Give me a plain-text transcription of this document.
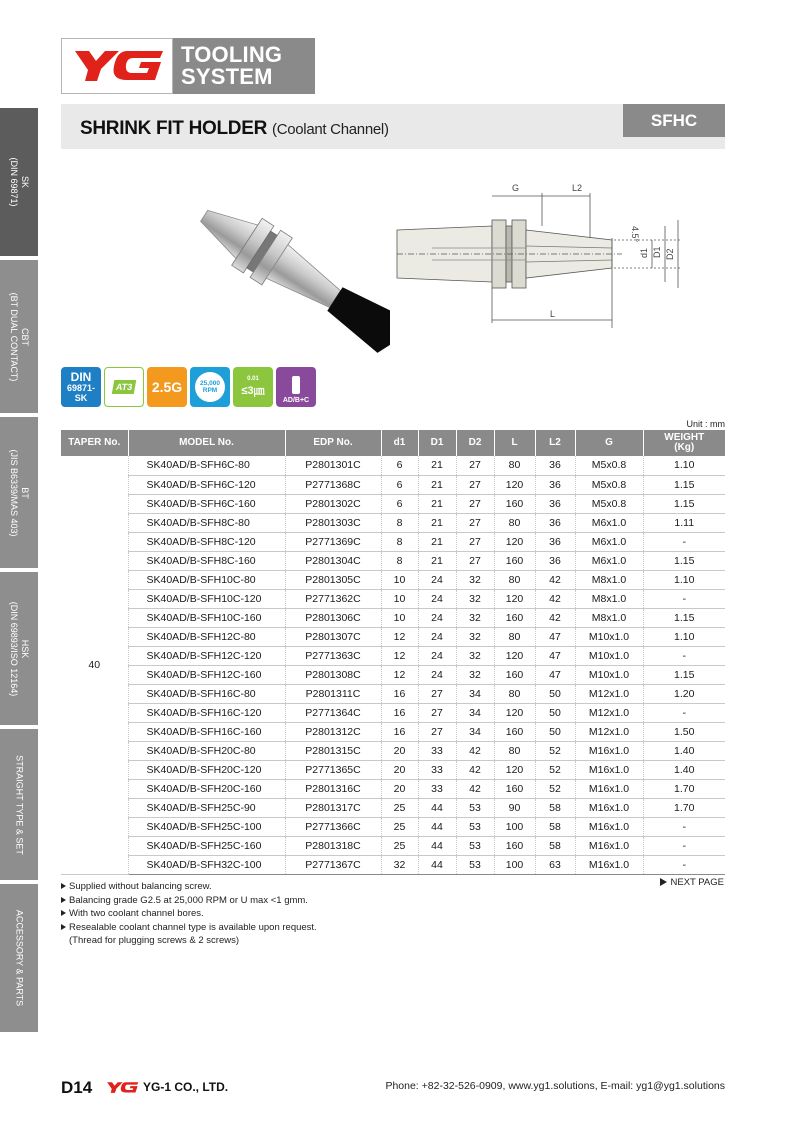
TOOLING
SYSTEM
SK
(DIN 69871)
CBT
(BT DUAL CONTACT)
BT
(JIS B6339/MAS 403)
HSK
(DIN 69893/ISO 12164)
STRAIGHT TYPE & SET
ACCESSORY & PARTS
SHRINK FIT HOLDER (Coolant Channel)	SFHC
G	L2
4.5°
d1 D1 D2
L
DIN
69871-
SK
AT3	2.5G	25,000
RPM
0.01
≤3㎛
AD/B+C
Unit : mm
TAPER No.	MODEL No.	EDP No.	d1	D1	D2	L	L2	G	WEIGHT
(Kg)

40	SK40AD/B-SFH6C-80	P2801301C	6	21	27	80	36	M5x0.8	1.10
	SK40AD/B-SFH6C-120	P2771368C	6	21	27	120	36	M5x0.8	1.15
	SK40AD/B-SFH6C-160	P2801302C	6	21	27	160	36	M5x0.8	1.15
	SK40AD/B-SFH8C-80	P2801303C	8	21	27	80	36	M6x1.0	1.11
	SK40AD/B-SFH8C-120	P2771369C	8	21	27	120	36	M6x1.0	-
	SK40AD/B-SFH8C-160	P2801304C	8	21	27	160	36	M6x1.0	1.15
	SK40AD/B-SFH10C-80	P2801305C	10	24	32	80	42	M8x1.0	1.10
	SK40AD/B-SFH10C-120	P2771362C	10	24	32	120	42	M8x1.0	-
	SK40AD/B-SFH10C-160	P2801306C	10	24	32	160	42	M8x1.0	1.15
	SK40AD/B-SFH12C-80	P2801307C	12	24	32	80	47	M10x1.0	1.10
	SK40AD/B-SFH12C-120	P2771363C	12	24	32	120	47	M10x1.0	-
	SK40AD/B-SFH12C-160	P2801308C	12	24	32	160	47	M10x1.0	1.15
	SK40AD/B-SFH16C-80	P2801311C	16	27	34	80	50	M12x1.0	1.20
	SK40AD/B-SFH16C-120	P2771364C	16	27	34	120	50	M12x1.0	-
	SK40AD/B-SFH16C-160	P2801312C	16	27	34	160	50	M12x1.0	1.50
	SK40AD/B-SFH20C-80	P2801315C	20	33	42	80	52	M16x1.0	1.40
	SK40AD/B-SFH20C-120	P2771365C	20	33	42	120	52	M16x1.0	1.40
	SK40AD/B-SFH20C-160	P2801316C	20	33	42	160	52	M16x1.0	1.70
	SK40AD/B-SFH25C-90	P2801317C	25	44	53	90	58	M16x1.0	1.70
	SK40AD/B-SFH25C-100	P2771366C	25	44	53	100	58	M16x1.0	-
	SK40AD/B-SFH25C-160	P2801318C	25	44	53	160	58	M16x1.0	-
	SK40AD/B-SFH32C-100	P2771367C	32	44	53	100	63	M16x1.0	-
Supplied without balancing screw.
Balancing grade G2.5 at 25,000 RPM or U max <1 gmm.
With two coolant channel bores.
Resealable coolant channel type is available upon request.
(Thread for plugging screws & 2 screws)
NEXT PAGE
D14	YG-1 CO., LTD.	Phone: +82-32-526-0909, www.yg1.solutions, E-mail: yg1@yg1.solutions
